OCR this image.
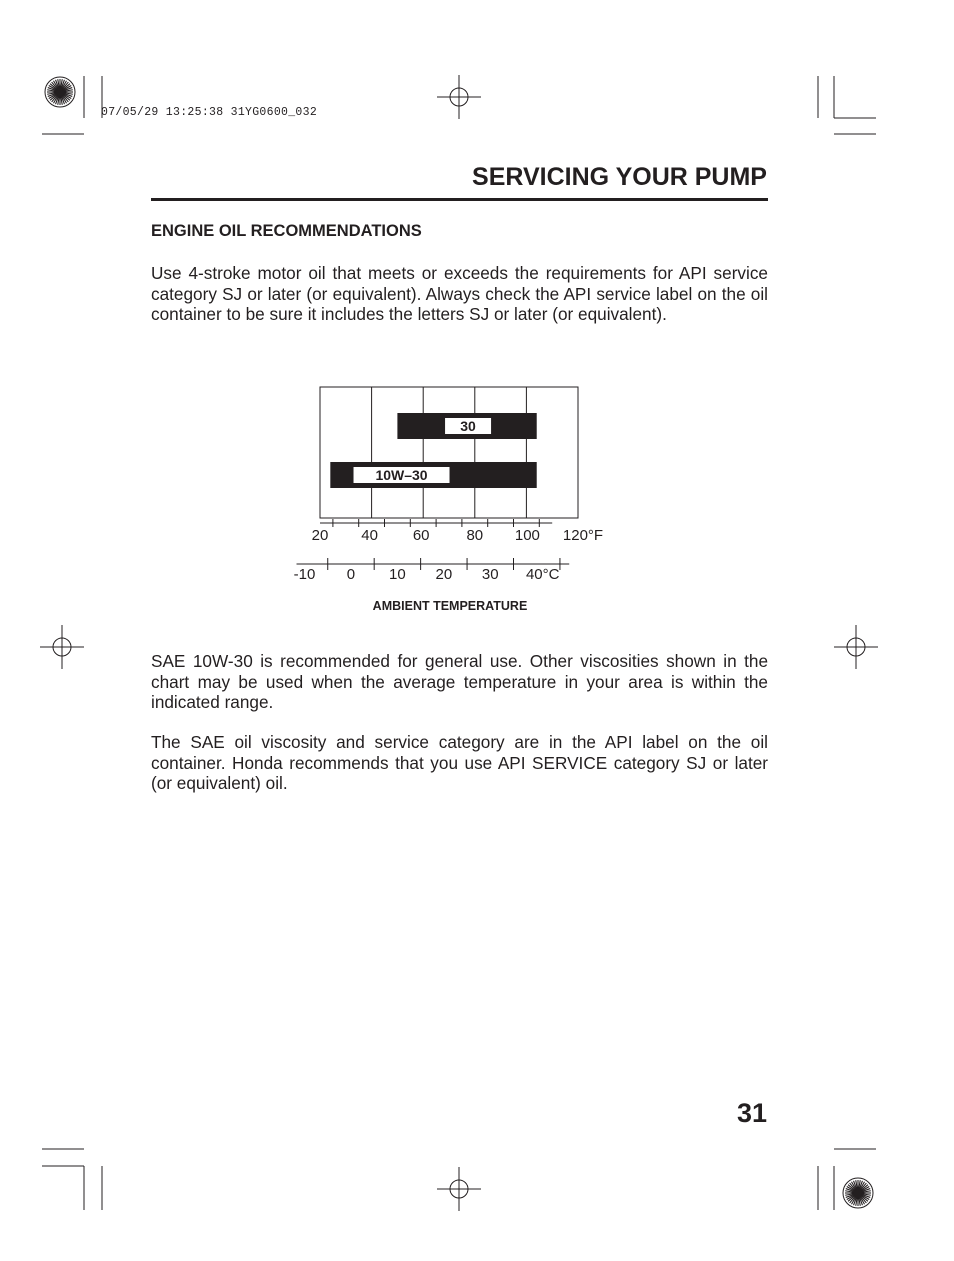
07/05/29 13:25:38 31YG0600_032
SERVICING YOUR PUMP
ENGINE OIL RECOMMENDATIONS

Use 4-stroke motor oil that meets or exceeds the requirements for API service category SJ or later (or equivalent). Always check the API service label on the oil container to be sure it includes the letters SJ or later (or equivalent).

30
10W–30
20 40 60 80 100 120°F
-10 0 10 20 30 40°C
AMBIENT TEMPERATURE

SAE 10W-30 is recommended for general use. Other viscosities shown in the chart may be used when the average temperature in your area is within the indicated range.

The SAE oil viscosity and service category are in the API label on the oil container. Honda recommends that you use API SERVICE category SJ or later (or equivalent) oil.

31
